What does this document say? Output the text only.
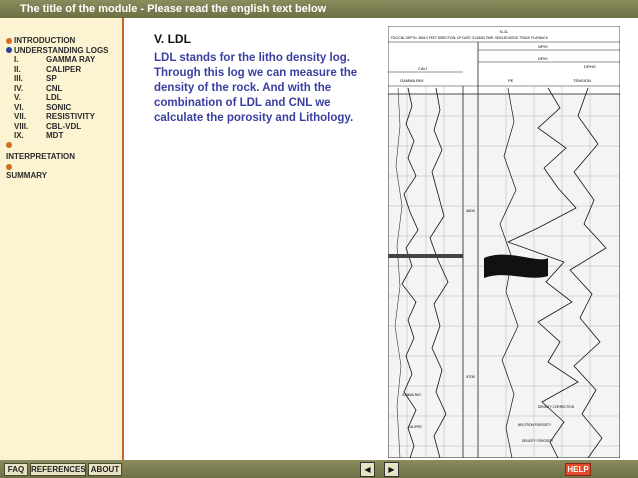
The title of the module - Please read the english text below
INTRODUCTION
UNDERSTANDING LOGS
I.	GAMMA RAY
II.	CALIPER
III.	SP
IV.	CNL
V.	LDL
VI.	SONIC
VII. RESISTIVITY
VIII. CBL-VDL
IX.	MDT
INTERPRETATION
SUMMARY
V. LDL
LDL stands for the litho density log. Through this log we can measure the density of the rock. And with the combination of LDL and CNL we calculate the porosity and Lithology.
N-1L
FDC/CNL DEPTH: 4804.0 FEET DIRECTION: UP DATE: 01/18/84 TIME: 08:53:50 MODE: TRACE PLAYBACK
NPHI
DPHI
CALI
GAMMA RAY
DRHO
PE	TENSION
4600
4700
GAMMA RAY
CALIPER
DENSITY CORRECTION
NEUTRON POROSITY
DENSITY POROSITY
FAQ REFERENCES ABOUT	◀	▶	HELP
